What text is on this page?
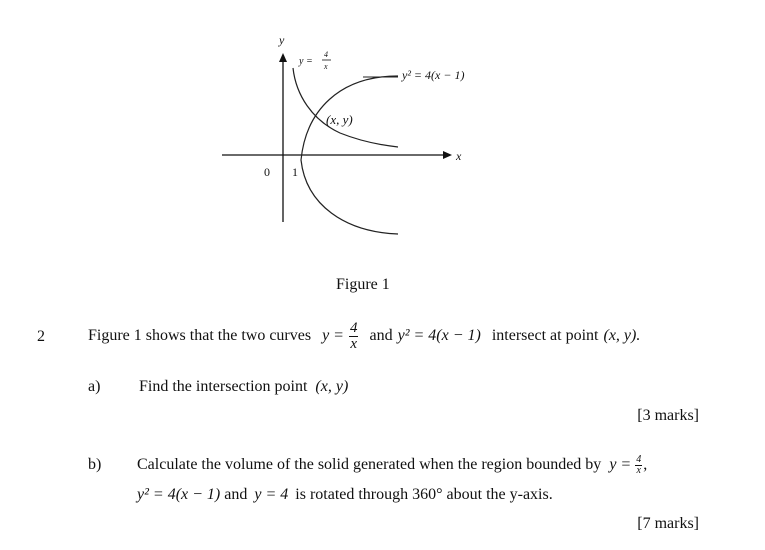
y
x
0 1
y =
4
x
y² = 4(x − 1)
(x, y)
Figure 1
2	Figure 1 shows that the two curves $y = \frac{4}{x}$ and y² = 4(x − 1) intersect at point (x, y).
a) Find the intersection point (x, y)
[3 marks]
b) Calculate the volume of the solid generated when the region bounded by $y = \frac{4}{x}$ ,
y² = 4(x − 1) and y = 4 is rotated through 360° about the y-axis.
[7 marks]
